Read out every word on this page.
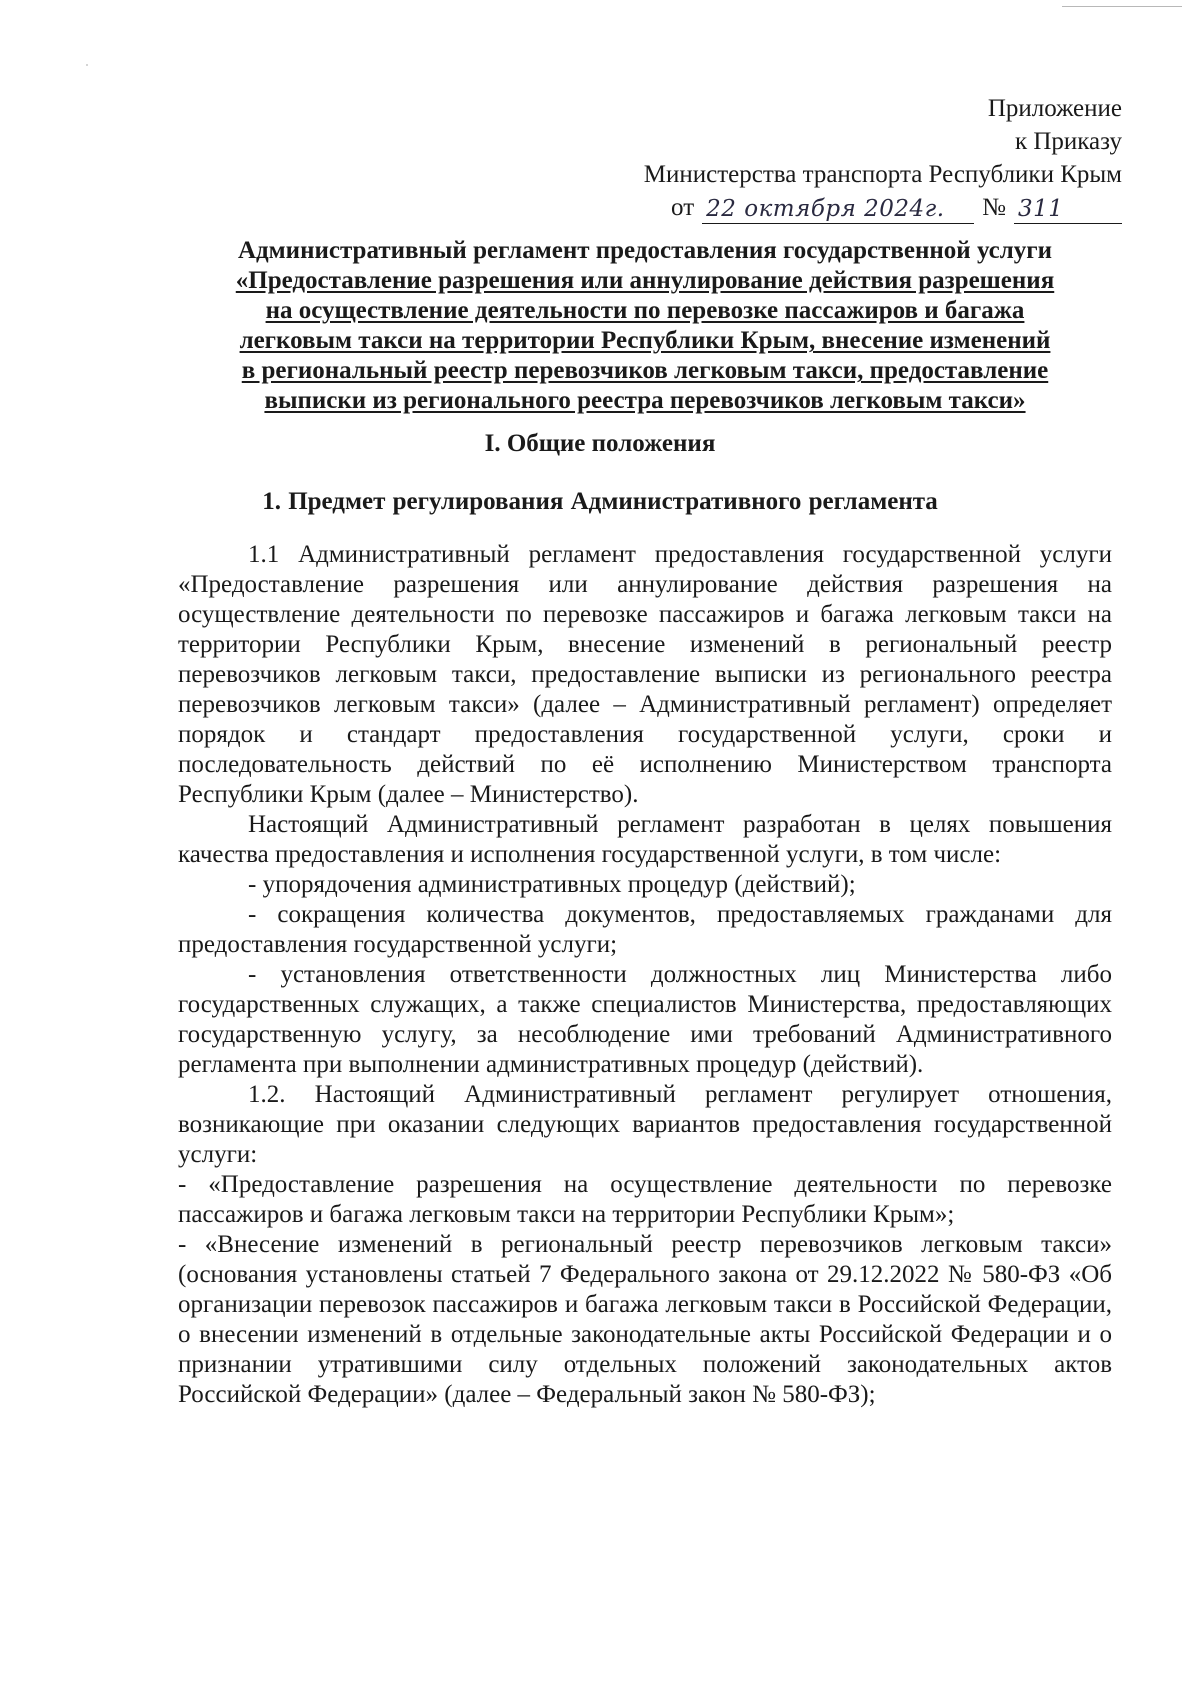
Приложение
к Приказу
Министерства транспорта Республики Крым
от 22 октября 2024г.	№ 311
Административный регламент предоставления государственной услуги
«Предоставление разрешения или аннулирование действия разрешения
на осуществление деятельности по перевозке пассажиров и багажа
легковым такси на территории Республики Крым, внесение изменений
в региональный реестр перевозчиков легковым такси, предоставление
выписки из регионального реестра перевозчиков легковым такси»
I. Общие положения
1. Предмет регулирования Административного регламента

1.1 Административный регламент предоставления государственной услуги «Предоставление разрешения или аннулирование действия разрешения на осуществление деятельности по перевозке пассажиров и багажа легковым такси на территории Республики Крым, внесение изменений в региональный реестр перевозчиков легковым такси, предоставление выписки из регионального реестра перевозчиков легковым такси» (далее – Административный регламент) определяет порядок и стандарт предоставления государственной услуги, сроки и последовательность действий по её исполнению Министерством транспорта Республики Крым (далее – Министерство).

Настоящий Административный регламент разработан в целях повышения качества предоставления и исполнения государственной услуги, в том числе:

- упорядочения административных процедур (действий);

- сокращения количества документов, предоставляемых гражданами для предоставления государственной услуги;

- установления ответственности должностных лиц Министерства либо государственных служащих, а также специалистов Министерства, предоставляющих государственную услугу, за несоблюдение ими требований Административного регламента при выполнении административных процедур (действий).

1.2. Настоящий Административный регламент регулирует отношения, возникающие при оказании следующих вариантов предоставления государственной услуги:

- «Предоставление разрешения на осуществление деятельности по перевозке пассажиров и багажа легковым такси на территории Республики Крым»;

- «Внесение изменений в региональный реестр перевозчиков легковым такси» (основания установлены статьей 7 Федерального закона от 29.12.2022 № 580-ФЗ «Об организации перевозок пассажиров и багажа легковым такси в Российской Федерации, о внесении изменений в отдельные законодательные акты Российской Федерации и о признании утратившими силу отдельных положений законодательных актов Российской Федерации» (далее – Федеральный закон № 580-ФЗ);
